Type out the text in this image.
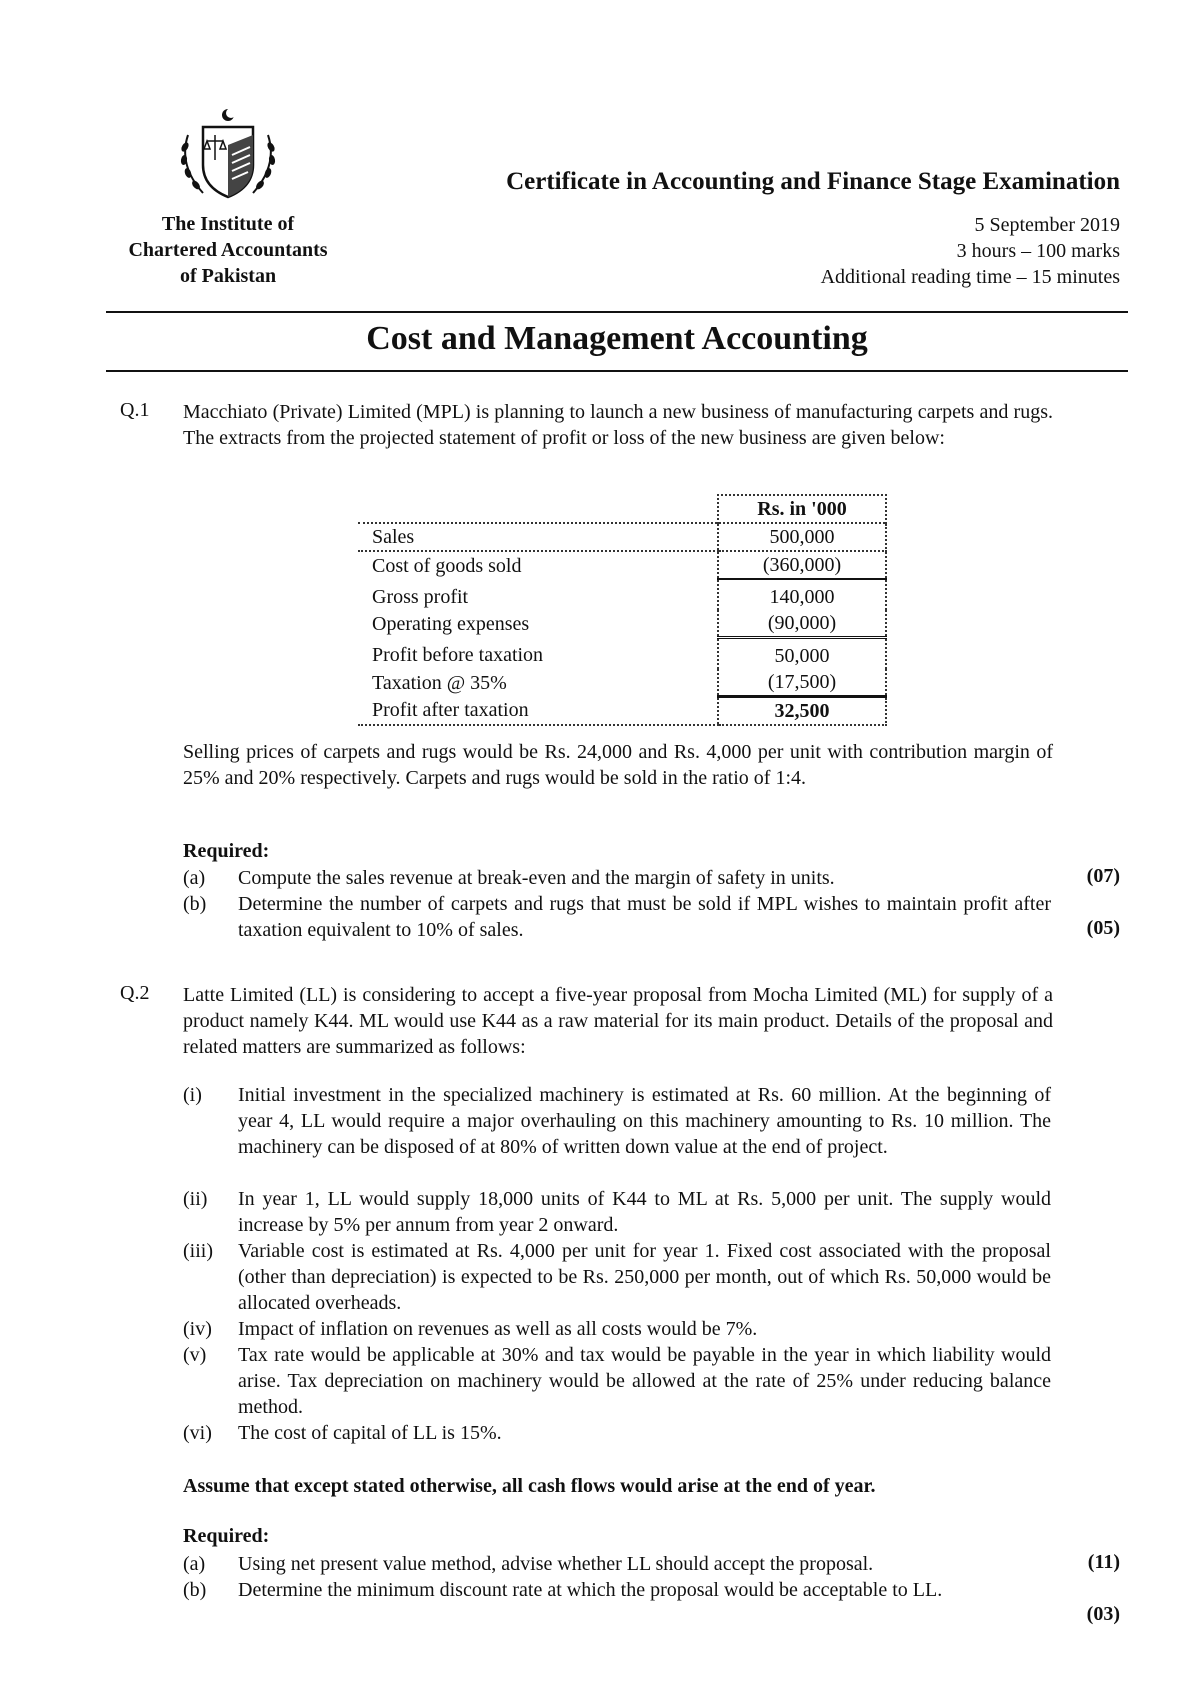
The Institute of
Chartered Accountants
of Pakistan
Certificate in Accounting and Finance Stage Examination
5 September 2019
3 hours – 100 marks
Additional reading time – 15 minutes
Cost and Management Accounting
Q.1 Macchiato (Private) Limited (MPL) is planning to launch a new business of manufacturing carpets and rugs. The extracts from the projected statement of profit or loss of the new business are given below:
	Rs. in '000
Sales	500,000
Cost of goods sold	(360,000)
Gross profit	140,000
Operating expenses	(90,000)
Profit before taxation	50,000
Taxation @ 35%	(17,500)
Profit after taxation	32,500
Selling prices of carpets and rugs would be Rs. 24,000 and Rs. 4,000 per unit with contribution margin of 25% and 20% respectively. Carpets and rugs would be sold in the ratio of 1:4.
Required:
(a) Compute the sales revenue at break-even and the margin of safety in units.	(07)
(b) Determine the number of carpets and rugs that must be sold if MPL wishes to maintain profit after taxation equivalent to 10% of sales.	(05)
Q.2 Latte Limited (LL) is considering to accept a five-year proposal from Mocha Limited (ML) for supply of a product namely K44. ML would use K44 as a raw material for its main product. Details of the proposal and related matters are summarized as follows:
(i) Initial investment in the specialized machinery is estimated at Rs. 60 million. At the beginning of year 4, LL would require a major overhauling on this machinery amounting to Rs. 10 million. The machinery can be disposed of at 80% of written down value at the end of project.
(ii) In year 1, LL would supply 18,000 units of K44 to ML at Rs. 5,000 per unit. The supply would increase by 5% per annum from year 2 onward.
(iii) Variable cost is estimated at Rs. 4,000 per unit for year 1. Fixed cost associated with the proposal (other than depreciation) is expected to be Rs. 250,000 per month, out of which Rs. 50,000 would be allocated overheads.
(iv) Impact of inflation on revenues as well as all costs would be 7%.
(v) Tax rate would be applicable at 30% and tax would be payable in the year in which liability would arise. Tax depreciation on machinery would be allowed at the rate of 25% under reducing balance method.
(vi) The cost of capital of LL is 15%.
Assume that except stated otherwise, all cash flows would arise at the end of year.
Required:
(a) Using net present value method, advise whether LL should accept the proposal.	(11)
(b) Determine the minimum discount rate at which the proposal would be acceptable to LL.
(03)
